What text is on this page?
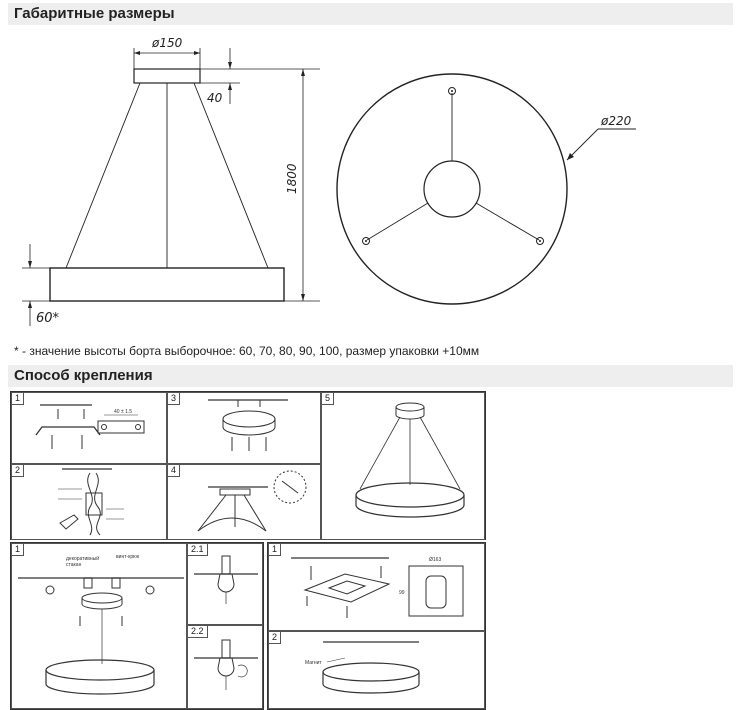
Габаритные размеры
ø150
40
1800
60*
ø220
* - значение высоты борта выборочное: 60, 70, 80, 90, 100, размер упаковки +10мм
Способ крепления
1
40 ± 1.5
2
3
4
5
1
декоративный
стакан
винт-крюк
2.1
2.2
1
Ø163
99
2
Магнит
